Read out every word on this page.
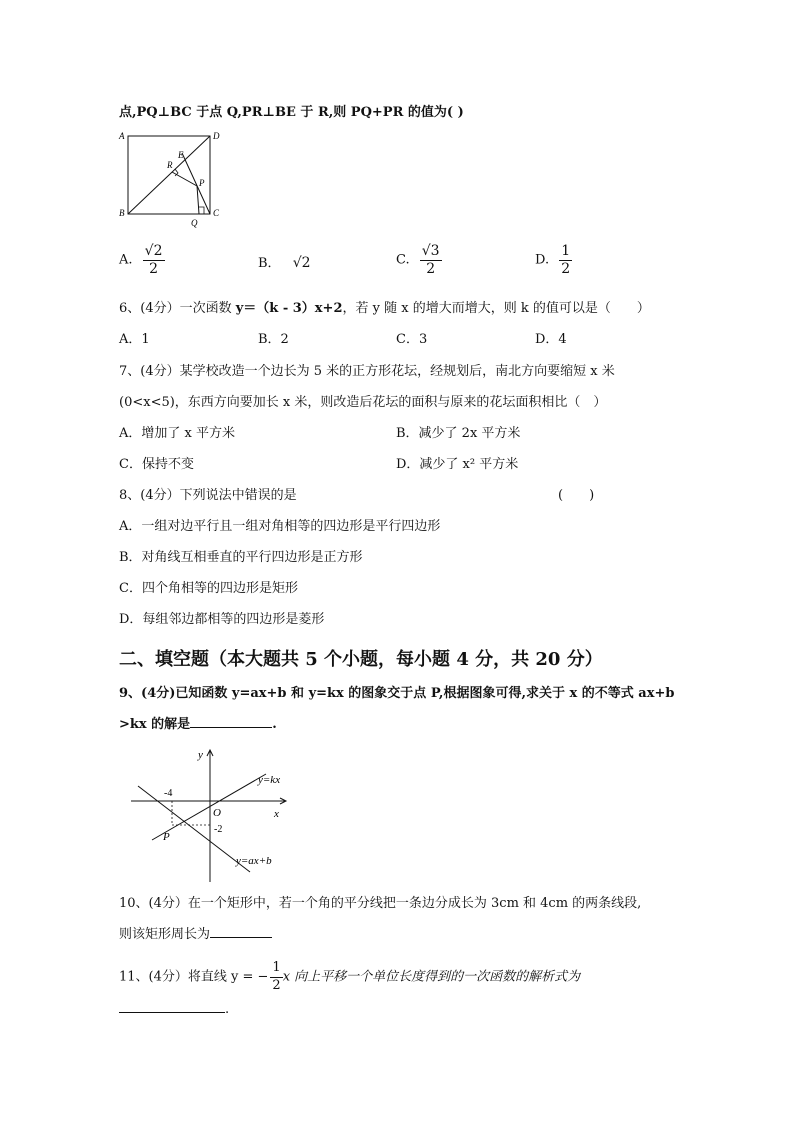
点,PQ⊥BC 于点 Q,PR⊥BE 于 R,则 PQ+PR 的值为( )
A	D
B	C
E
R
P
Q
A. $\frac{√2}{2}$	B． √2	C. $\frac{√3}{2}$	D. $\frac{1}{2}$
6、(4分）一次函数 y＝（k - 3）x+2，若 y 随 x 的增大而增大，则 k 的值可以是（　　）
A．1	B．2	C．3	D．4
7、(4分）某学校改造一个边长为 5 米的正方形花坛，经规划后，南北方向要缩短 x 米
(0<x<5)，东西方向要加长 x 米，则改造后花坛的面积与原来的花坛面积相比（　）
A．增加了 x 平方米	B．减少了 2x 平方米
C．保持不变	D．减少了 x² 平方米
8、(4分）下列说法中错误的是	(　　)
A．一组对边平行且一组对角相等的四边形是平行四边形
B．对角线互相垂直的平行四边形是正方形
C．四个角相等的四边形是矩形
D．每组邻边都相等的四边形是菱形
二、填空题（本大题共 5 个小题，每小题 4 分，共 20 分）
9、(4分)已知函数 y=ax+b 和 y=kx 的图象交于点 P,根据图象可得,求关于 x 的不等式 ax+b
>kx 的解是	.
y
x
O
P
-4
-2
y=kx
y=ax+b
10、(4分）在一个矩形中，若一个角的平分线把一条边分成长为 3cm 和 4cm 的两条线段,
则该矩形周长为
11、(4分）将直线 y = − $\frac{1}{2}$ x 向上平移一个单位长度得到的一次函数的解析式为
.
